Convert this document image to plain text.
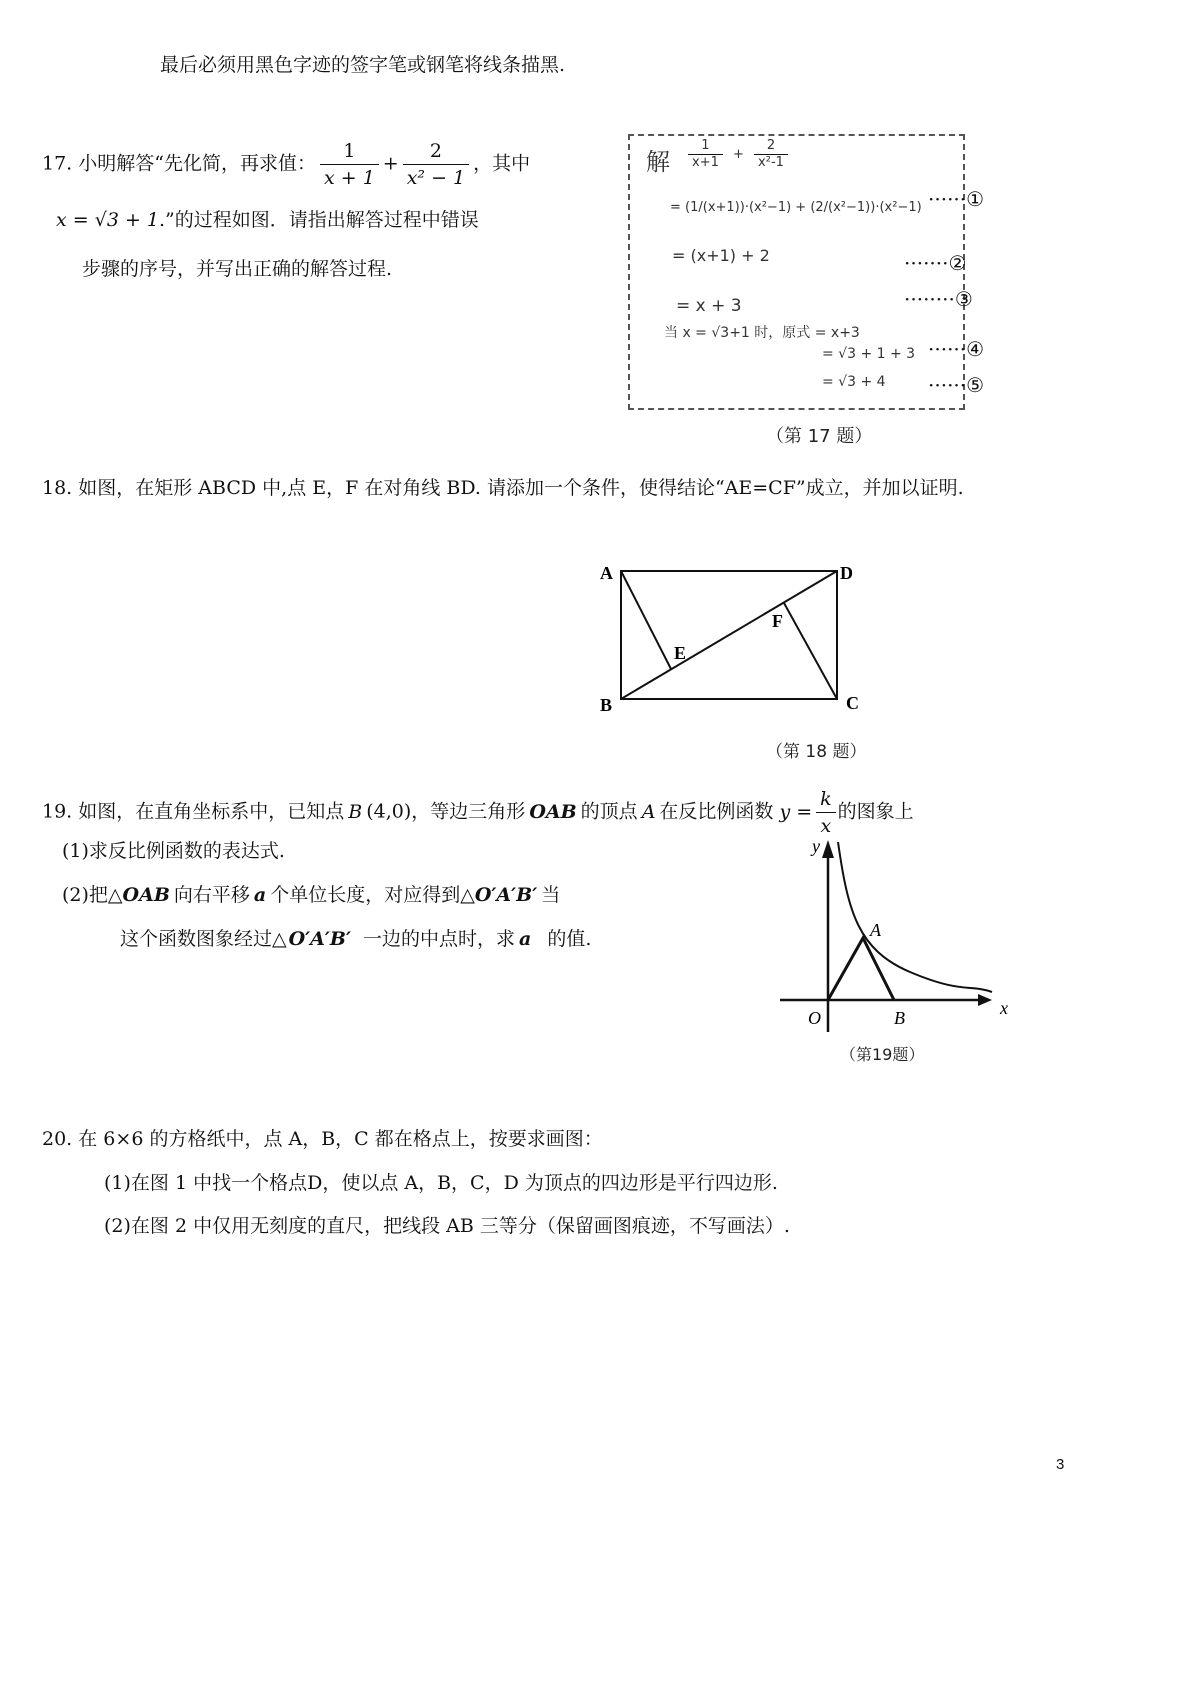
最后必须用黑色字迹的签字笔或钢笔将线条描黑.
17. 小明解答“先化简，再求值： $\frac{1}{x + 1} + \frac{2}{\text{x² − 1}}$ ，其中
x = √3 + 1.”的过程如图．请指出解答过程中错误
步骤的序号，并写出正确的解答过程.
解 $\frac{1}{x+1} + \frac{2}{\text{x²-1}}$
= (1/(x+1))·(x²−1) + (2/(x²−1))·(x²−1)
= (x+1) + 2
= x + 3
当 x = √3+1 时，原式 = x+3
= √3 + 1 + 3
= √3 + 4
······①
·······②
········③
······④
······⑤
（第 17 题）
18. 如图，在矩形 ABCD 中,点 E，F 在对角线 BD. 请添加一个条件，使得结论“AE=CF”成立，并加以证明.
A	D
B	C
E
F
（第 18 题）
19. 如图，在直角坐标系中，已知点 B (4,0)，等边三角形 OAB 的顶点 A 在反比例函数 $y = \frac{k}{x}$ 的图象上
(1)求反比例函数的表达式.
(2)把△OAB 向右平移 a 个单位长度，对应得到△O′A′B′ 当
这个函数图象经过△ O′A′B′ 一边的中点时，求 a 的值.
y
x
O
A
B
（第19题）
20. 在 6×6 的方格纸中，点 A，B，C 都在格点上，按要求画图：
(1)在图 1 中找一个格点D，使以点 A，B，C，D 为顶点的四边形是平行四边形.
(2)在图 2 中仅用无刻度的直尺，把线段 AB 三等分（保留画图痕迹，不写画法）.
3
